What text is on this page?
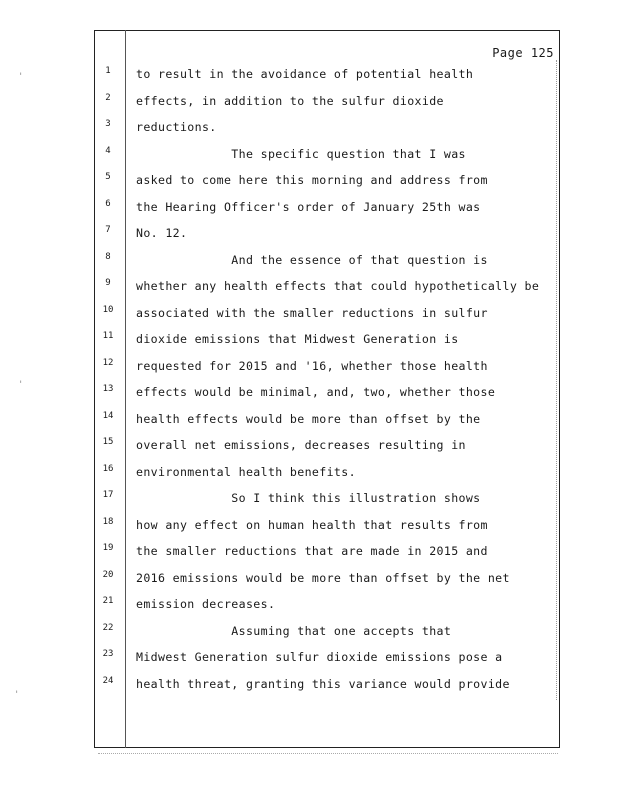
'
'
'
Page 125
1	to result in the avoidance of potential health
2	effects, in addition to the sulfur dioxide
3	reductions.
4	The specific question that I was
5	asked to come here this morning and address from
6	the Hearing Officer's order of January 25th was
7	No. 12.
8	And the essence of that question is
9	whether any health effects that could hypothetically be
10	associated with the smaller reductions in sulfur
11	dioxide emissions that Midwest Generation is
12	requested for 2015 and '16, whether those health
13	effects would be minimal, and, two, whether those
14	health effects would be more than offset by the
15	overall net emissions, decreases resulting in
16	environmental health benefits.
17	So I think this illustration shows
18	how any effect on human health that results from
19	the smaller reductions that are made in 2015 and
20	2016 emissions would be more than offset by the net
21	emission decreases.
22	Assuming that one accepts that
23	Midwest Generation sulfur dioxide emissions pose a
24	health threat, granting this variance would provide
